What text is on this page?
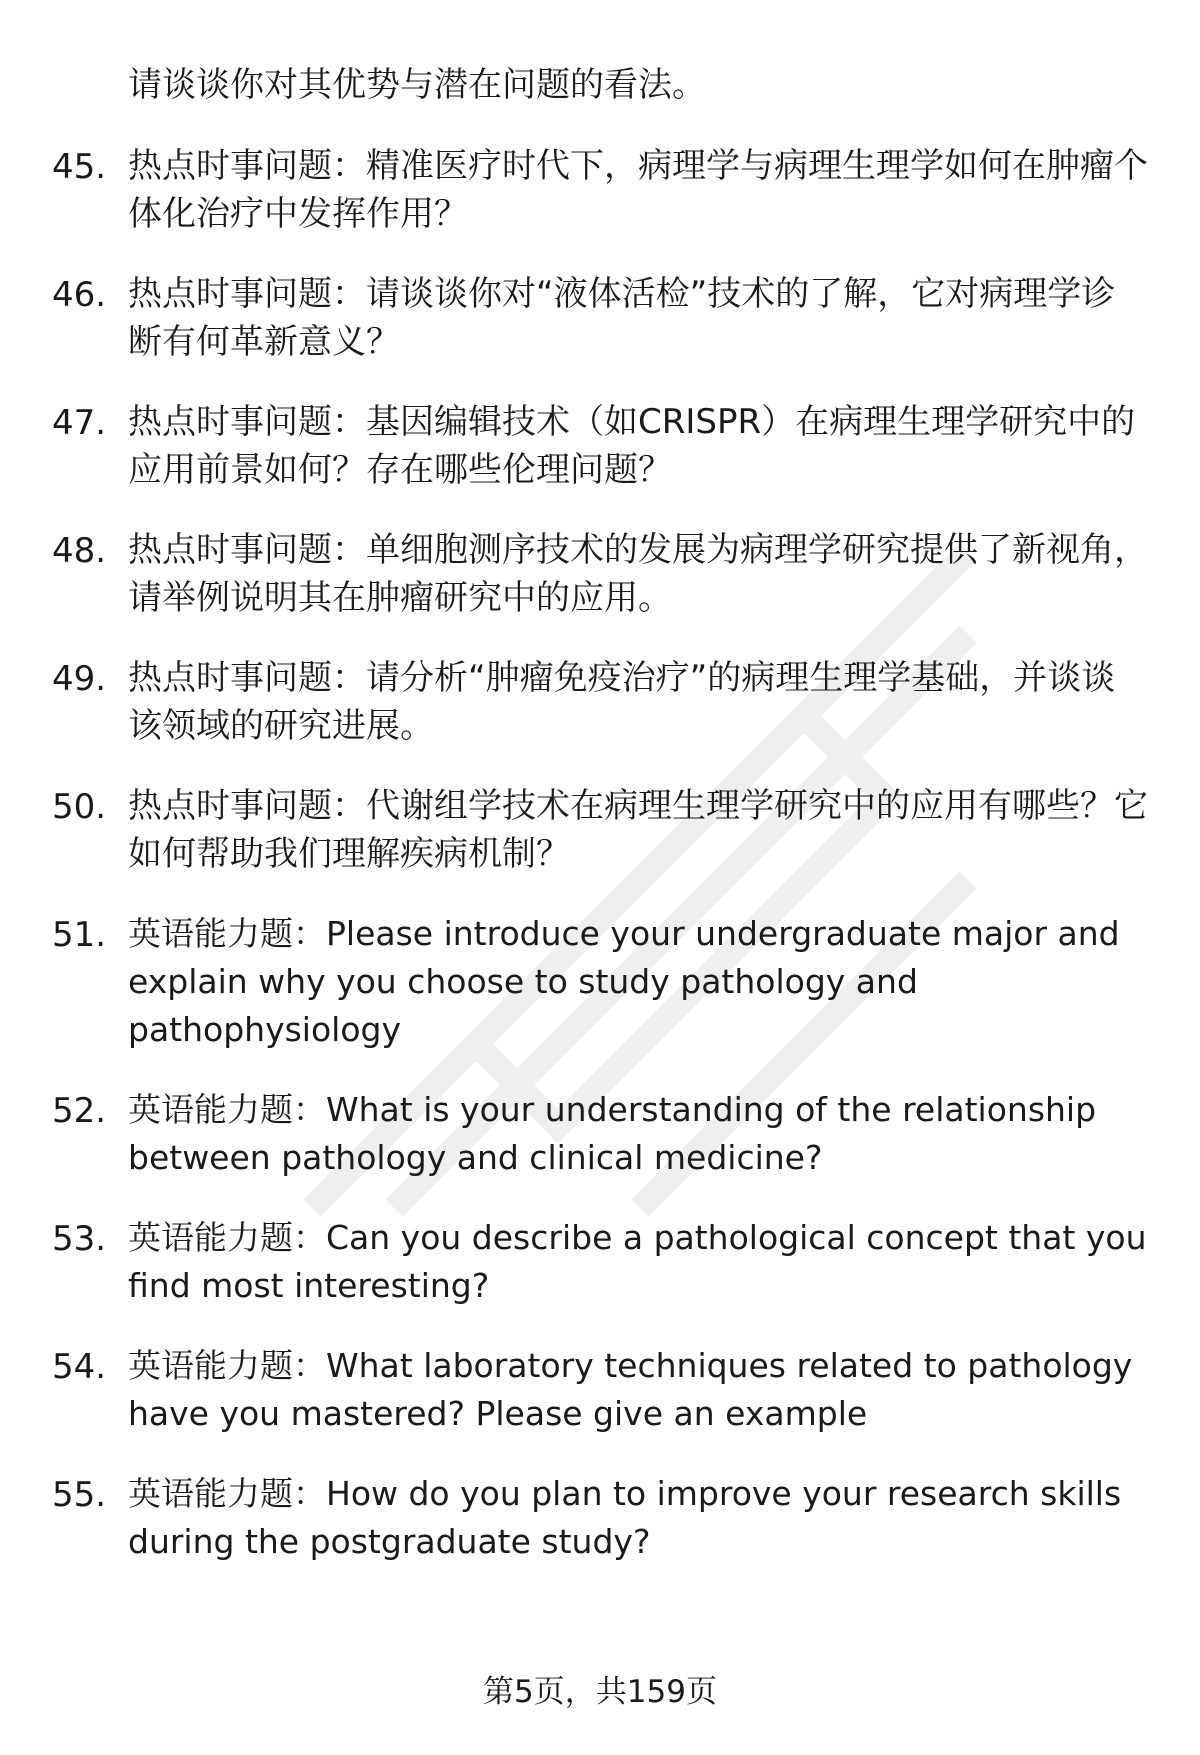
请谈谈你对其优势与潜在问题的看法。
45. 热点时事问题：精准医疗时代下，病理学与病理生理学如何在肿瘤个体化治疗中发挥作用？
46. 热点时事问题：请谈谈你对“液体活检”技术的了解，它对病理学诊断有何革新意义？
47. 热点时事问题：基因编辑技术（如CRISPR）在病理生理学研究中的应用前景如何？存在哪些伦理问题？
48. 热点时事问题：单细胞测序技术的发展为病理学研究提供了新视角，请举例说明其在肿瘤研究中的应用。
49. 热点时事问题：请分析“肿瘤免疫治疗”的病理生理学基础，并谈谈该领域的研究进展。
50. 热点时事问题：代谢组学技术在病理生理学研究中的应用有哪些？它如何帮助我们理解疾病机制？
51. 英语能力题：Please introduce your undergraduate major and explain why you choose to study pathology and pathophysiology
52. 英语能力题：What is your understanding of the relationship between pathology and clinical medicine?
53. 英语能力题：Can you describe a pathological concept that you find most interesting?
54. 英语能力题：What laboratory techniques related to pathology have you mastered? Please give an example
55. 英语能力题：How do you plan to improve your research skills during the postgraduate study?
第5页，共159页
